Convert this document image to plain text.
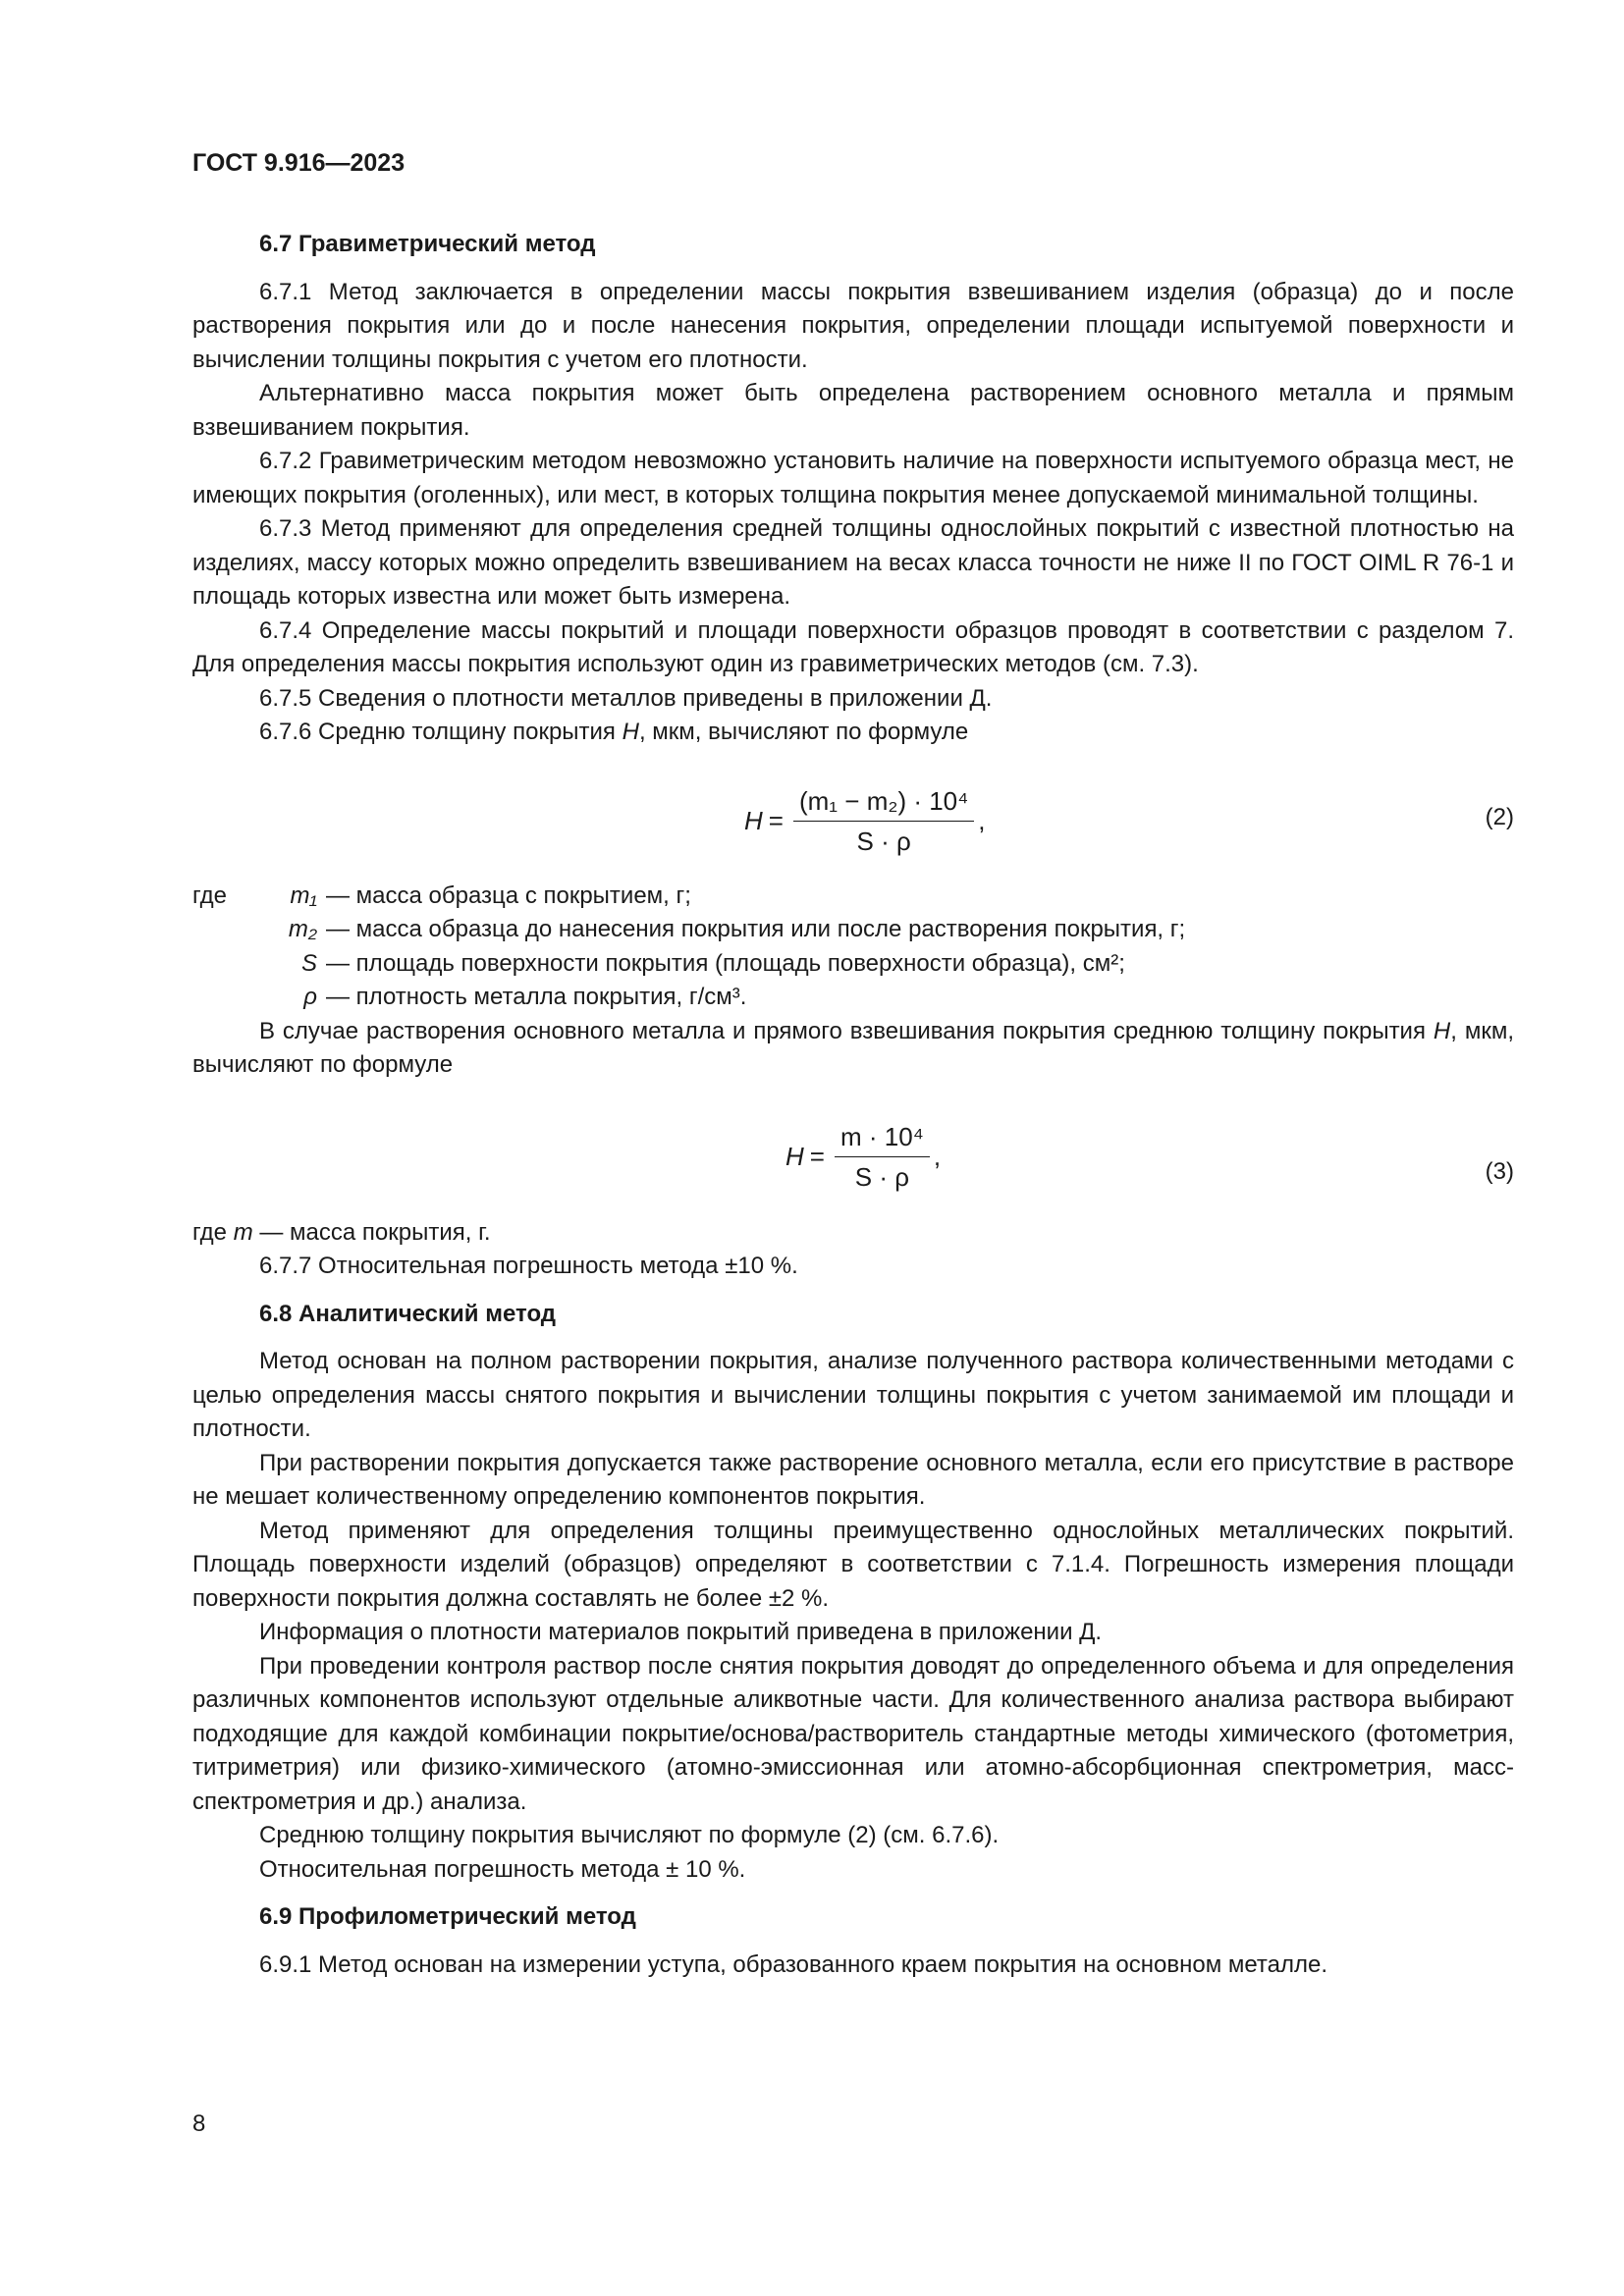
ГОСТ 9.916—2023
6.7 Гравиметрический метод

6.7.1 Метод заключается в определении массы покрытия взвешиванием изделия (образца) до и после растворения покрытия или до и после нанесения покрытия, определении площади испытуемой поверхности и вычислении толщины покрытия с учетом его плотности.

Альтернативно масса покрытия может быть определена растворением основного металла и прямым взвешиванием покрытия.

6.7.2 Гравиметрическим методом невозможно установить наличие на поверхности испытуемого образца мест, не имеющих покрытия (оголенных), или мест, в которых толщина покрытия менее допускаемой минимальной толщины.

6.7.3 Метод применяют для определения средней толщины однослойных покрытий с известной плотностью на изделиях, массу которых можно определить взвешиванием на весах класса точности не ниже II по ГОСТ OIML R 76-1 и площадь которых известна или может быть измерена.

6.7.4 Определение массы покрытий и площади поверхности образцов проводят в соответствии с разделом 7. Для определения массы покрытия используют один из гравиметрических методов (см. 7.3).

6.7.5 Сведения о плотности металлов приведены в приложении Д.

6.7.6 Средню толщину покрытия H, мкм, вычисляют по формуле

$H = \frac{\text{(m₁ − m₂) · 10⁴}}{S \cdot \rho}$ ,	(2)
где	m₁ — масса образца с покрытием, г;
m₂ — масса образца до нанесения покрытия или после растворения покрытия, г;
S — площадь поверхности покрытия (площадь поверхности образца), см²;
ρ — плотность металла покрытия, г/см³.

В случае растворения основного металла и прямого взвешивания покрытия среднюю толщину покрытия H, мкм, вычисляют по формуле

$H = \frac{\text{m · 10⁴}}{S \cdot \rho}$ ,	(3)

где m — масса покрытия, г.

6.7.7 Относительная погрешность метода ±10 %.

6.8 Аналитический метод

Метод основан на полном растворении покрытия, анализе полученного раствора количественными методами с целью определения массы снятого покрытия и вычислении толщины покрытия с учетом занимаемой им площади и плотности.

При растворении покрытия допускается также растворение основного металла, если его присутствие в растворе не мешает количественному определению компонентов покрытия.

Метод применяют для определения толщины преимущественно однослойных металлических покрытий. Площадь поверхности изделий (образцов) определяют в соответствии с 7.1.4. Погрешность измерения площади поверхности покрытия должна составлять не более ±2 %.

Информация о плотности материалов покрытий приведена в приложении Д.

При проведении контроля раствор после снятия покрытия доводят до определенного объема и для определения различных компонентов используют отдельные аликвотные части. Для количественного анализа раствора выбирают подходящие для каждой комбинации покрытие/основа/растворитель стандартные методы химического (фотометрия, титриметрия) или физико-химического (атомно-эмиссионная или атомно-абсорбционная спектрометрия, масс-спектрометрия и др.) анализа.

Среднюю толщину покрытия вычисляют по формуле (2) (см. 6.7.6).

Относительная погрешность метода ± 10 %.

6.9 Профилометрический метод

6.9.1 Метод основан на измерении уступа, образованного краем покрытия на основном металле.

8
